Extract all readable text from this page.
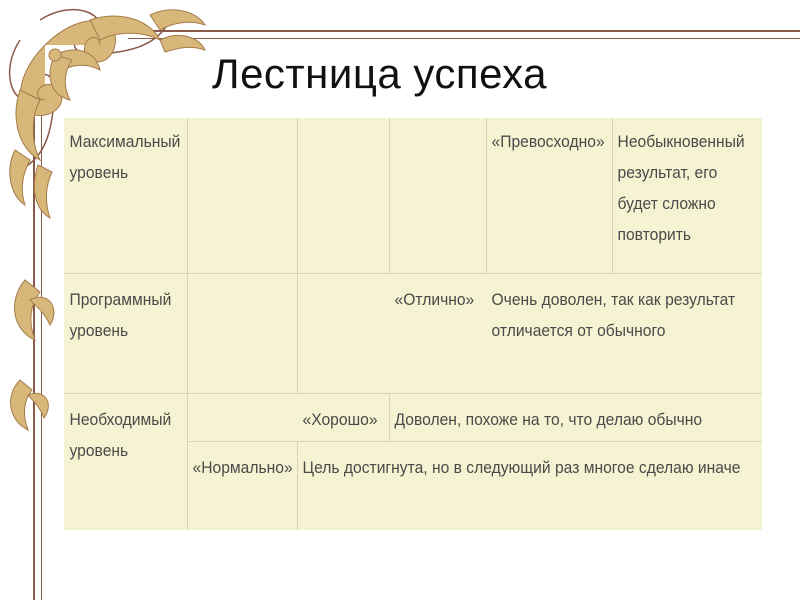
Лестница успеха
Максимальный уровень
«Превосходно» Необыкновенный результат, его будет сложно повторить
Программный уровень
«Отлично»	Очень доволен, так как результат отличается от обычного
Необходимый уровень
«Хорошо»	Доволен, похоже на то, что делаю обычно
«Нормально» Цель достигнута, но в следующий раз многое сделаю иначе
